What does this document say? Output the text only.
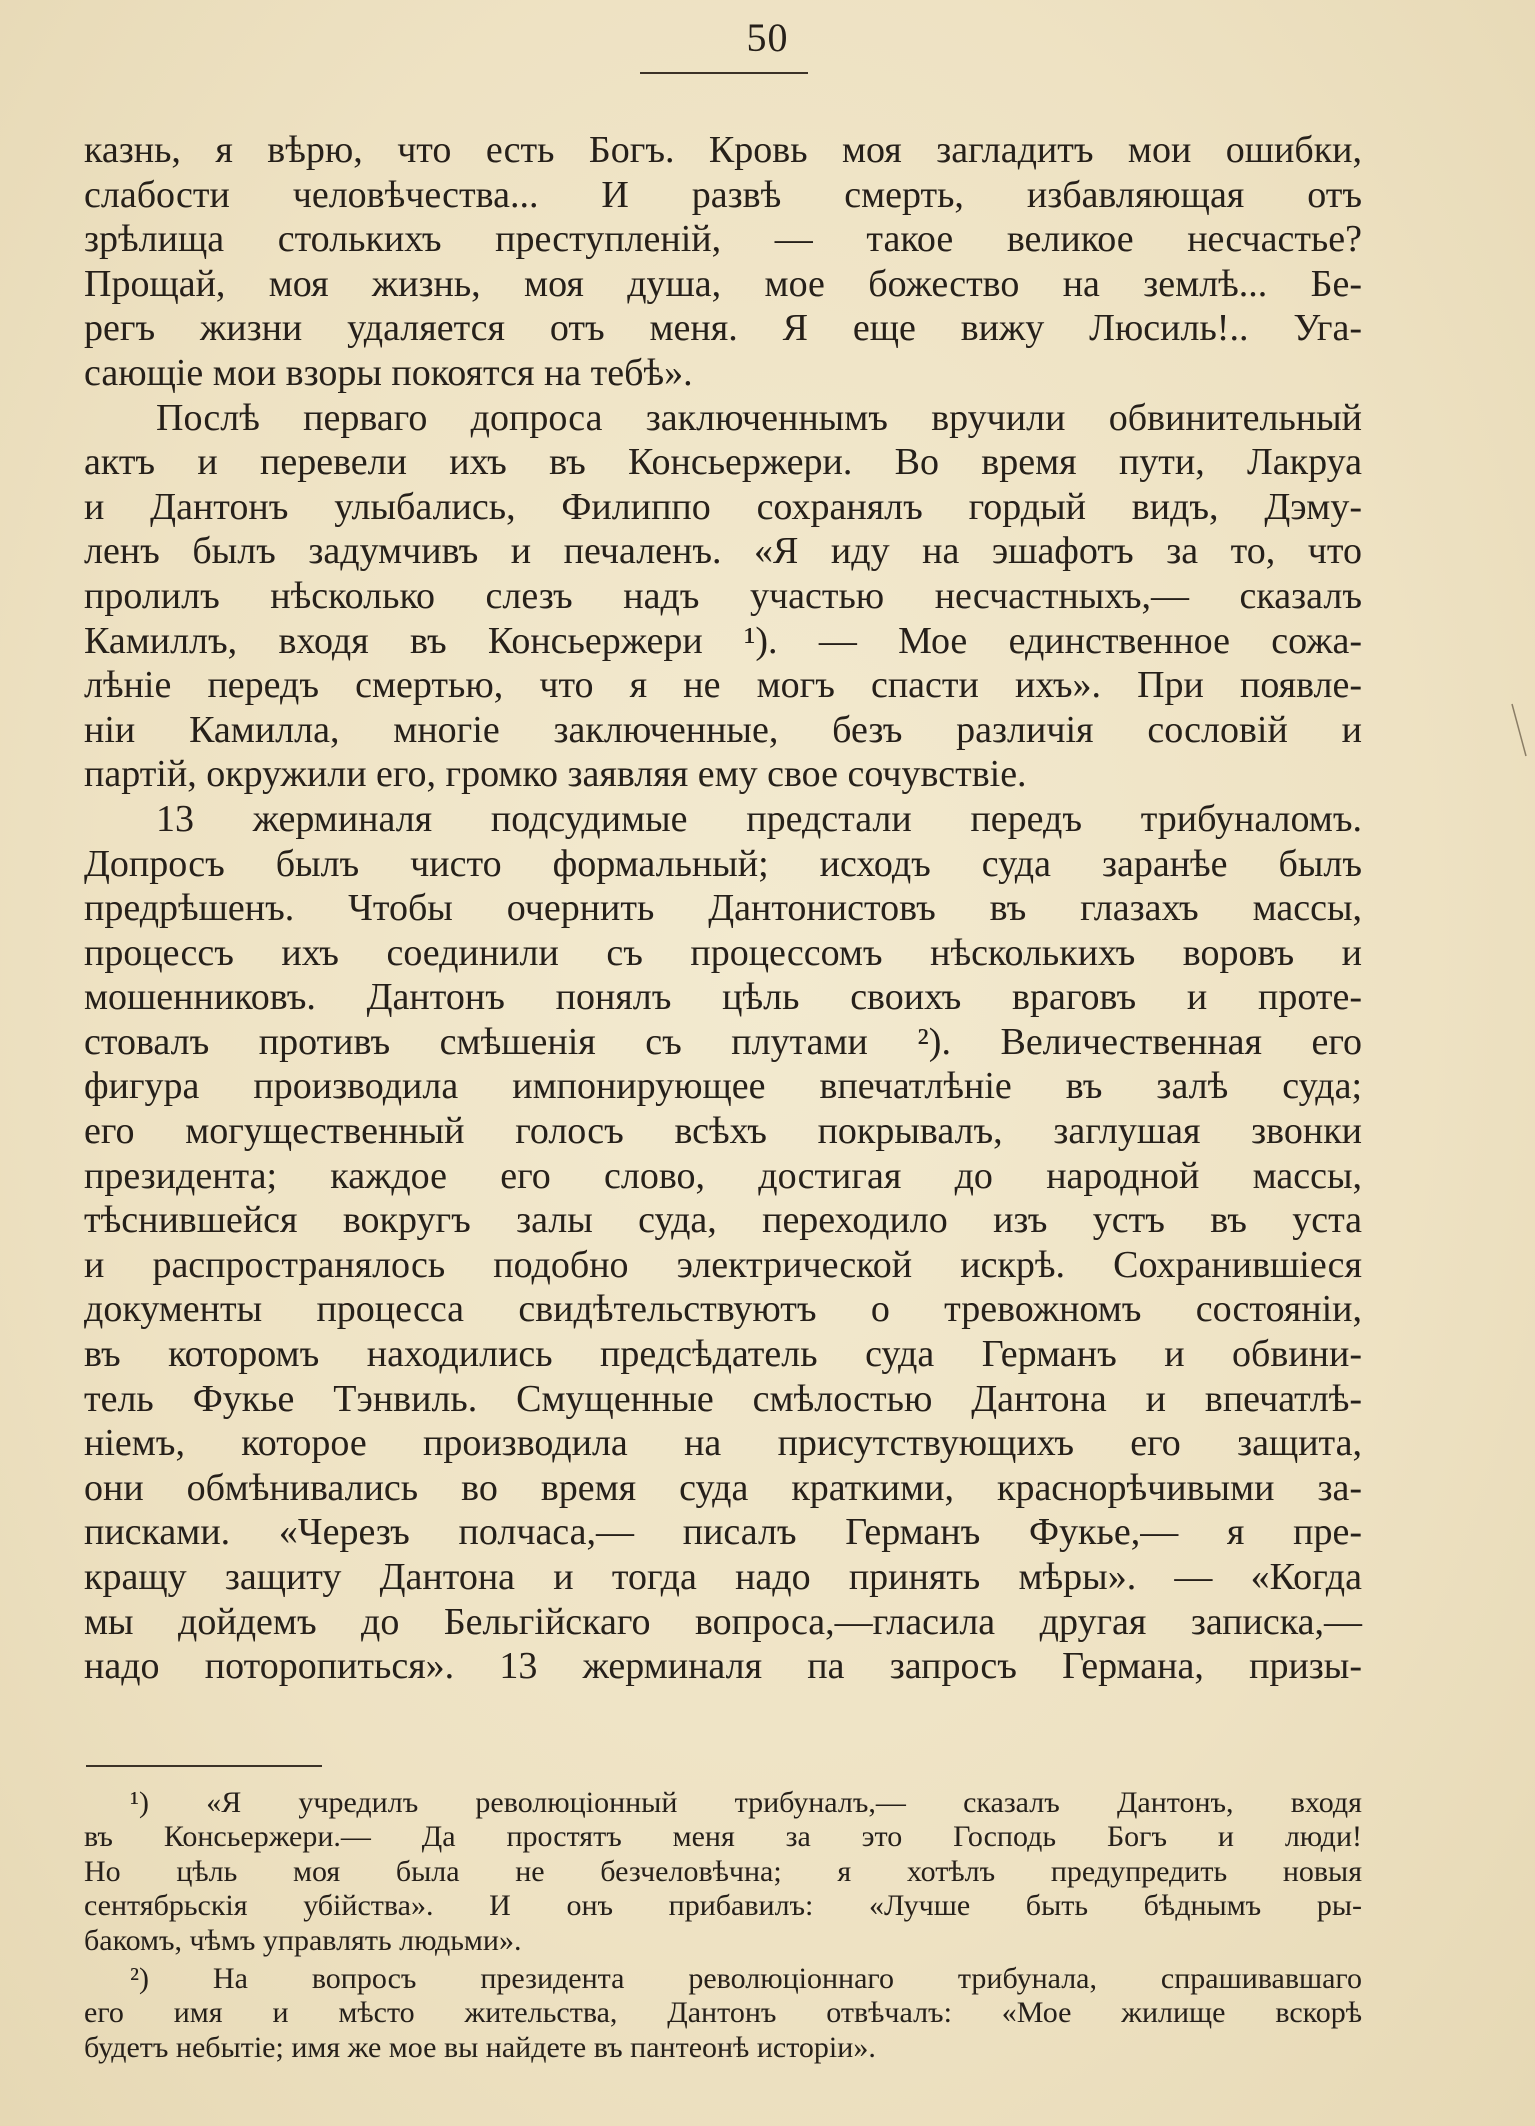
50
казнь, я вѣрю, что есть Богъ. Кровь моя загладитъ мои ошибки,
слабости человѣчества... И развѣ смерть, избавляющая отъ
зрѣлища столькихъ преступленій, — такое великое несчастье?
Прощай, моя жизнь, моя душа, мое божество на землѣ... Бе-
регъ жизни удаляется отъ меня. Я еще вижу Люсиль!.. Уга-
сающіе мои взоры покоятся на тебѣ».
Послѣ перваго допроса заключеннымъ вручили обвинительный
актъ и перевели ихъ въ Консьержери. Во время пути, Лакруа
и Дантонъ улыбались, Филиппо сохранялъ гордый видъ, Дэму-
ленъ былъ задумчивъ и печаленъ. «Я иду на эшафотъ за то, что
пролилъ нѣсколько слезъ надъ участью несчастныхъ,— сказалъ
Камиллъ, входя въ Консьержери ¹). — Мое единственное сожа-
лѣніе передъ смертью, что я не могъ спасти ихъ». При появле-
ніи Камилла, многіе заключенные, безъ различія сословій и
партій, окружили его, громко заявляя ему свое сочувствіе.
13 жерминаля подсудимые предстали передъ трибуналомъ.
Допросъ былъ чисто формальный; исходъ суда заранѣе былъ
предрѣшенъ. Чтобы очернить Дантонистовъ въ глазахъ массы,
процессъ ихъ соединили съ процессомъ нѣсколькихъ воровъ и
мошенниковъ. Дантонъ понялъ цѣль своихъ враговъ и проте-
стовалъ противъ смѣшенія съ плутами ²). Величественная его
фигура производила импонирующее впечатлѣніе въ залѣ суда;
его могущественный голосъ всѣхъ покрывалъ, заглушая звонки
президента; каждое его слово, достигая до народной массы,
тѣснившейся вокругъ залы суда, переходило изъ устъ въ уста
и распространялось подобно электрической искрѣ. Сохранившіеся
документы процесса свидѣтельствуютъ о тревожномъ состояніи,
въ которомъ находились предсѣдатель суда Германъ и обвини-
тель Фукье Тэнвиль. Смущенные смѣлостью Дантона и впечатлѣ-
ніемъ, которое производила на присутствующихъ его защита,
они обмѣнивались во время суда краткими, краснорѣчивыми за-
писками. «Черезъ полчаса,— писалъ Германъ Фукье,— я пре-
кращу защиту Дантона и тогда надо принять мѣры». — «Когда
мы дойдемъ до Бельгійскаго вопроса,—гласила другая записка,—
надо поторопиться». 13 жерминаля па запросъ Германа, призы-
¹) «Я учредилъ революціонный трибуналъ,— сказалъ Дантонъ, входя
въ Консьержери.— Да простятъ меня за это Господь Богъ и люди!
Но цѣль моя была не безчеловѣчна; я хотѣлъ предупредить новыя
сентябрьскія убійства». И онъ прибавилъ: «Лучше быть бѣднымъ ры-
бакомъ, чѣмъ управлять людьми».
²) На вопросъ президента революціоннаго трибунала, спрашивавшаго
его имя и мѣсто жительства, Дантонъ отвѣчалъ: «Мое жилище вскорѣ
будетъ небытіе; имя же мое вы найдете въ пантеонѣ исторіи».
